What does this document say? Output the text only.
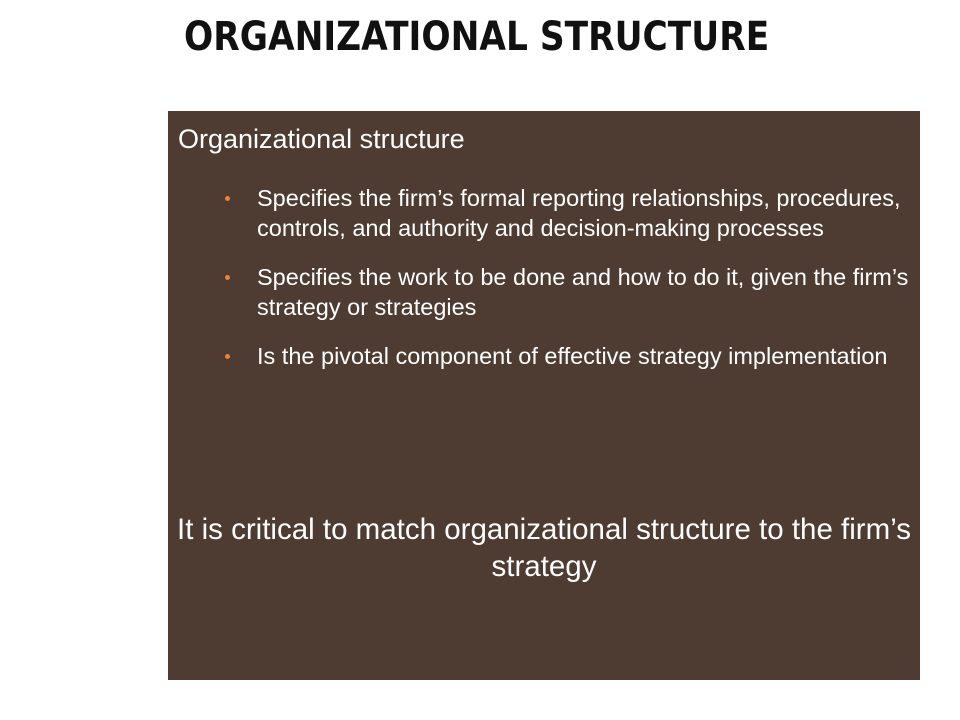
ORGANIZATIONAL STRUCTURE
Organizational structure
Specifies the firm’s formal reporting relationships, procedures, controls, and authority and decision-making processes
Specifies the work to be done and how to do it, given the firm’s strategy or strategies
Is the pivotal component of effective strategy implementation

It is critical to match organizational structure to the firm’s strategy
